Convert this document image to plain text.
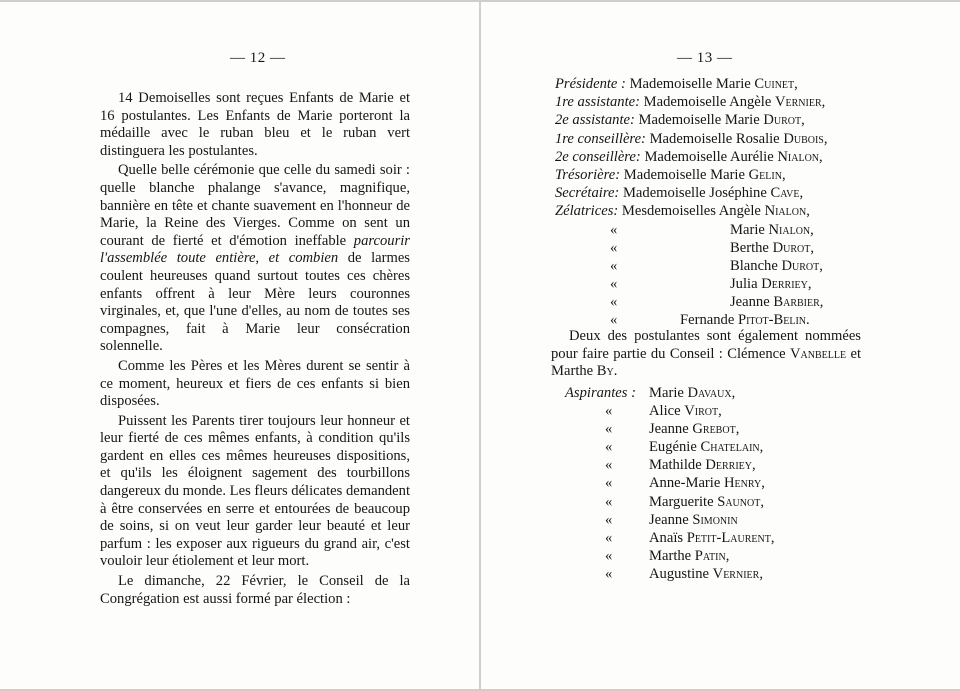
— 12 —

14 Demoiselles sont reçues Enfants de Marie et 16 postulantes. Les Enfants de Marie porteront la médaille avec le ruban bleu et le ruban vert distinguera les postulantes.

Quelle belle cérémonie que celle du samedi soir : quelle blanche phalange s'avance, magnifique, bannière en tête et chante suavement en l'honneur de Marie, la Reine des Vierges. Comme on sent un courant de fierté et d'émotion ineffable parcourir l'assemblée toute entière, et combien de larmes coulent heureuses quand surtout toutes ces chères enfants offrent à leur Mère leurs couronnes virginales, et, que l'une d'elles, au nom de toutes ses compagnes, fait à Marie leur consécration solennelle.

Comme les Pères et les Mères durent se sentir à ce moment, heureux et fiers de ces enfants si bien disposées.

Puissent les Parents tirer toujours leur honneur et leur fierté de ces mêmes enfants, à condition qu'ils gardent en elles ces mêmes heureuses dispositions, et qu'ils les éloignent sagement des tourbillons dangereux du monde. Les fleurs délicates demandent à être conservées en serre et entourées de beaucoup de soins, si on veut leur garder leur beauté et leur parfum : les exposer aux rigueurs du grand air, c'est vouloir leur étiolement et leur mort.

Le dimanche, 22 Février, le Conseil de la Congrégation est aussi formé par élection :

— 13 —
Présidente : Mademoiselle Marie Cuinet,
1re assistante: Mademoiselle Angèle Vernier,
2e assistante: Mademoiselle Marie Durot,
1re conseillère: Mademoiselle Rosalie Dubois,
2e conseillère: Mademoiselle Aurélie Nialon,
Trésorière: Mademoiselle Marie Gelin,
Secrétaire: Mademoiselle Joséphine Cave,
Zélatrices: Mesdemoiselles Angèle Nialon,
«	Marie Nialon,
«	Berthe Durot,
«	Blanche Durot,
«	Julia Derriey,
«	Jeanne Barbier,
«	Fernande Pitot-Belin.

Deux des postulantes sont également nommées pour faire partie du Conseil : Clémence Vanbelle et Marthe By.

Aspirantes : Marie Davaux,
«	Alice Virot,
«	Jeanne Grebot,
«	Eugénie Chatelain,
«	Mathilde Derriey,
«	Anne-Marie Henry,
«	Marguerite Saunot,
«	Jeanne Simonin
«	Anaïs Petit-Laurent,
«	Marthe Patin,
«	Augustine Vernier,
